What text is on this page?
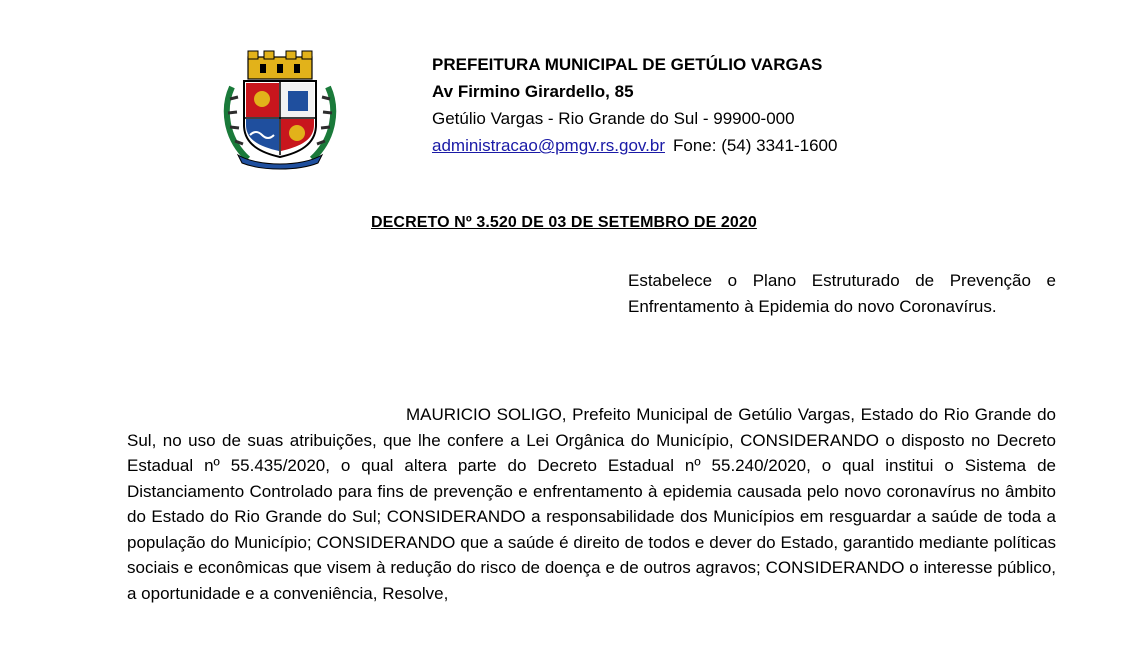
PREFEITURA MUNICIPAL DE GETÚLIO VARGAS
Av Firmino Girardello, 85
Getúlio Vargas - Rio Grande do Sul - 99900-000
administracao@pmgv.rs.gov.br Fone: (54) 3341-1600
DECRETO Nº 3.520 DE 03 DE SETEMBRO DE 2020
Estabelece o Plano Estruturado de Prevenção e Enfrentamento à Epidemia do novo Coronavírus.

MAURICIO SOLIGO, Prefeito Municipal de Getúlio Vargas, Estado do Rio Grande do Sul, no uso de suas atribuições, que lhe confere a Lei Orgânica do Município, CONSIDERANDO o disposto no Decreto Estadual nº 55.435/2020, o qual altera parte do Decreto Estadual nº 55.240/2020, o qual institui o Sistema de Distanciamento Controlado para fins de prevenção e enfrentamento à epidemia causada pelo novo coronavírus no âmbito do Estado do Rio Grande do Sul; CONSIDERANDO a responsabilidade dos Municípios em resguardar a saúde de toda a população do Município; CONSIDERANDO que a saúde é direito de todos e dever do Estado, garantido mediante políticas sociais e econômicas que visem à redução do risco de doença e de outros agravos; CONSIDERANDO o interesse público, a oportunidade e a conveniência, Resolve,
